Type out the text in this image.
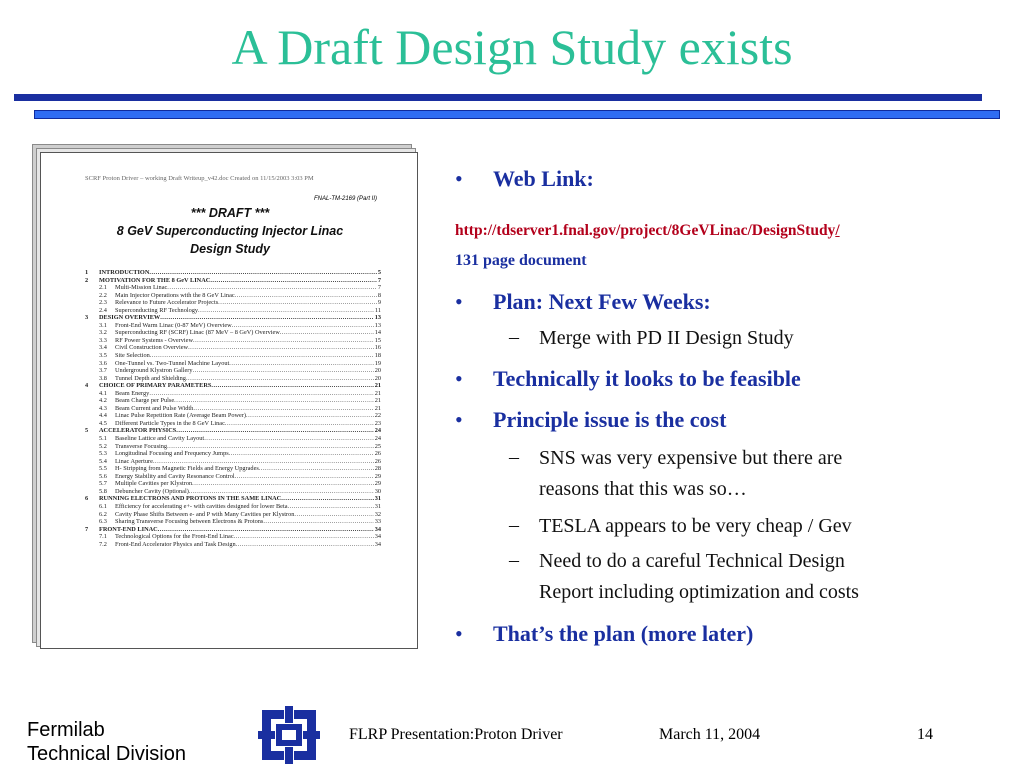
A Draft Design Study exists
SCRF Proton Driver – working Draft Writeup_v42.doc Created on 11/15/2003 3:03 PM
FNAL-TM-2169 (Part II)
*** DRAFT ***
8 GeV Superconducting Injector Linac
Design Study
1	INTRODUCTION .....	5
2	MOTIVATION FOR THE 8 GeV LINAC .....	7
2.1	Multi-Mission Linac .....	7
2.2	Main Injector Operations with the 8 GeV Linac .....	8
2.3	Relevance to Future Accelerator Projects .....	9
2.4	Superconducting RF Technology .....	11
3	DESIGN OVERVIEW .....	13
3.1	Front-End Warm Linac (0-87 MeV) Overview .....	13
3.2	Superconducting RF (SCRF) Linac (87 MeV – 8 GeV) Overview .....	14
3.3	RF Power Systems - Overview .....	15
3.4	Civil Construction Overview .....	16
3.5	Site Selection .....	18
3.6	One-Tunnel vs. Two-Tunnel Machine Layout .....	19
3.7	Underground Klystron Gallery .....	20
3.8	Tunnel Depth and Shielding .....	20
4	CHOICE OF PRIMARY PARAMETERS .....	21
4.1	Beam Energy .....	21
4.2	Beam Charge per Pulse .....	21
4.3	Beam Current and Pulse Width .....	21
4.4	Linac Pulse Repetition Rate (Average Beam Power) .....	22
4.5	Different Particle Types in the 8 GeV Linac .....	23
5	ACCELERATOR PHYSICS .....	24
5.1	Baseline Lattice and Cavity Layout .....	24
5.2	Transverse Focusing .....	25
5.3	Longitudinal Focusing and Frequency Jumps .....	26
5.4	Linac Aperture .....	26
5.5	H- Stripping from Magnetic Fields and Energy Upgrades .....	28
5.6	Energy Stability and Cavity Resonance Control .....	29
5.7	Multiple Cavities per Klystron .....	29
5.8	Debuncher Cavity (Optional) .....	30
6	RUNNING ELECTRONS AND PROTONS IN THE SAME LINAC .....	31
6.1	Efficiency for accelerating e+- with cavities designed for lower Beta .....	31
6.2	Cavity Phase Shifts Between e- and P with Many Cavities per Klystron .....	32
6.3	Sharing Transverse Focusing between Electrons & Protons .....	33
7	FRONT-END LINAC .....	34
7.1	Technological Options for the Front-End Linac .....	34
7.2	Front-End Accelerator Physics and Task Design .....	34
• Web Link:
http://tdserver1.fnal.gov/project/8GeVLinac/DesignStudy/
131 page document
• Plan: Next Few Weeks:
– Merge with PD II Design Study
• Technically it looks to be feasible
• Principle issue is the cost
– SNS was very expensive but there are
reasons that this was so…
– TESLA appears to be very cheap / Gev
– Need to do a careful Technical Design
Report including optimization and costs
• That’s the plan (more later)
Fermilab
Technical Division
FLRP Presentation:Proton Driver	March 11, 2004	14
